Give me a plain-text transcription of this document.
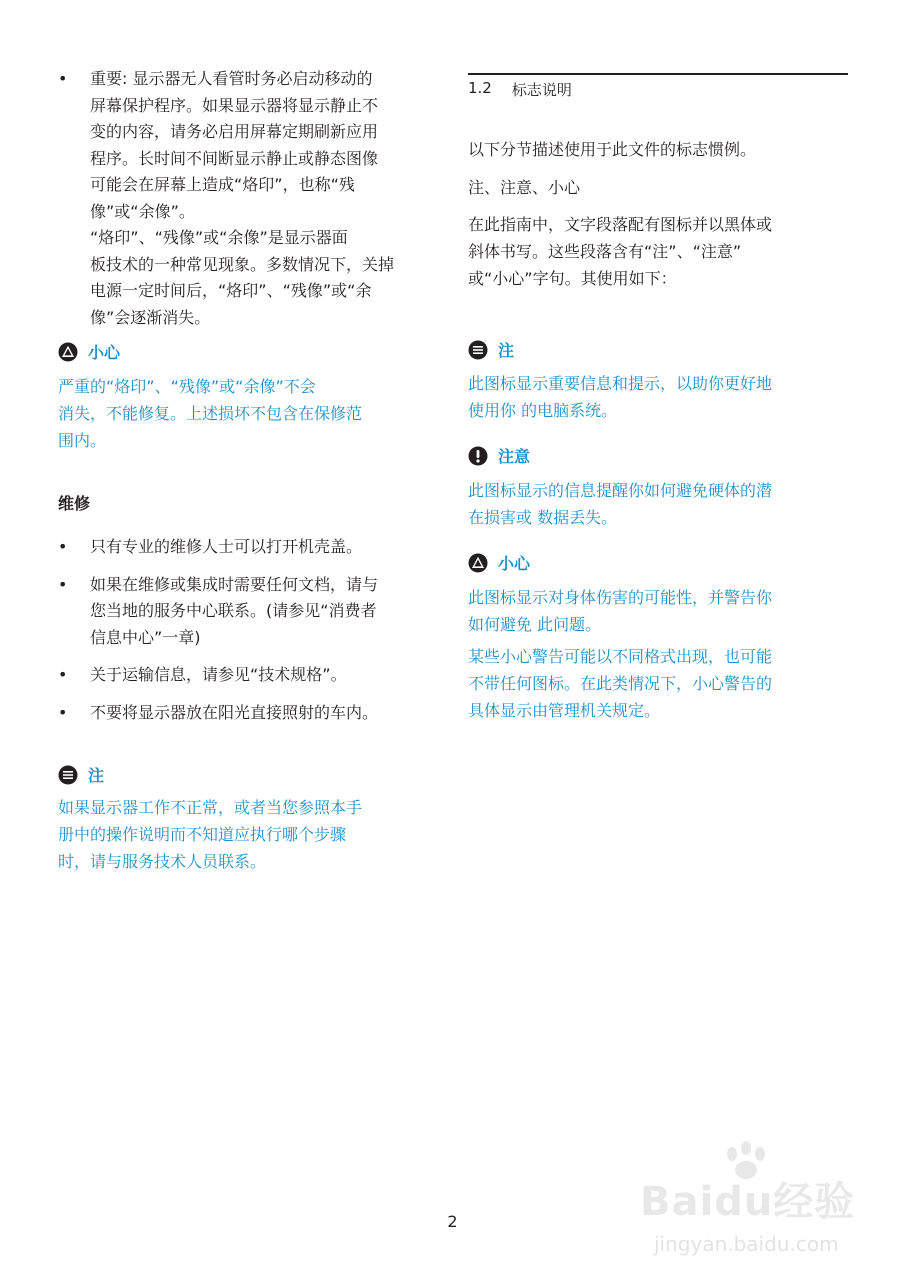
• 重要: 显示器无人看管时务必启动移动的
屏幕保护程序。如果显示器将显示静止不
变的内容，请务必启用屏幕定期刷新应用
程序。长时间不间断显示静止或静态图像
可能会在屏幕上造成“烙印”，也称“残
像”或“余像”。
“烙印”、“残像”或“余像”是显示器面
板技术的一种常见现象。多数情况下，关掉
电源一定时间后，“烙印”、“残像”或“余
像”会逐渐消失。
小心
严重的“烙印”、“残像”或“余像”不会
消失，不能修复。上述损坏不包含在保修范
围内。
维修
• 只有专业的维修人士可以打开机壳盖。
• 如果在维修或集成时需要任何文档，请与
您当地的服务中心联系。(请参见“消费者
信息中心”一章)
• 关于运输信息，请参见“技术规格”。
• 不要将显示器放在阳光直接照射的车内。
注
如果显示器工作不正常，或者当您参照本手
册中的操作说明而不知道应执行哪个步骤
时，请与服务技术人员联系。
1.2 标志说明
以下分节描述使用于此文件的标志惯例。
注、注意、小心
在此指南中，文字段落配有图标并以黑体或
斜体书写。这些段落含有“注”、“注意”
或“小心”字句。其使用如下：
注
此图标显示重要信息和提示，以助你更好地
使用你 的电脑系统。
注意
此图标显示的信息提醒你如何避免硬体的潜
在损害或 数据丢失。
小心
此图标显示对身体伤害的可能性，并警告你
如何避免 此问题。
某些小心警告可能以不同格式出现，也可能
不带任何图标。在此类情况下，小心警告的
具体显示由管理机关规定。
2	Baidu经验
jingyan.baidu.com
